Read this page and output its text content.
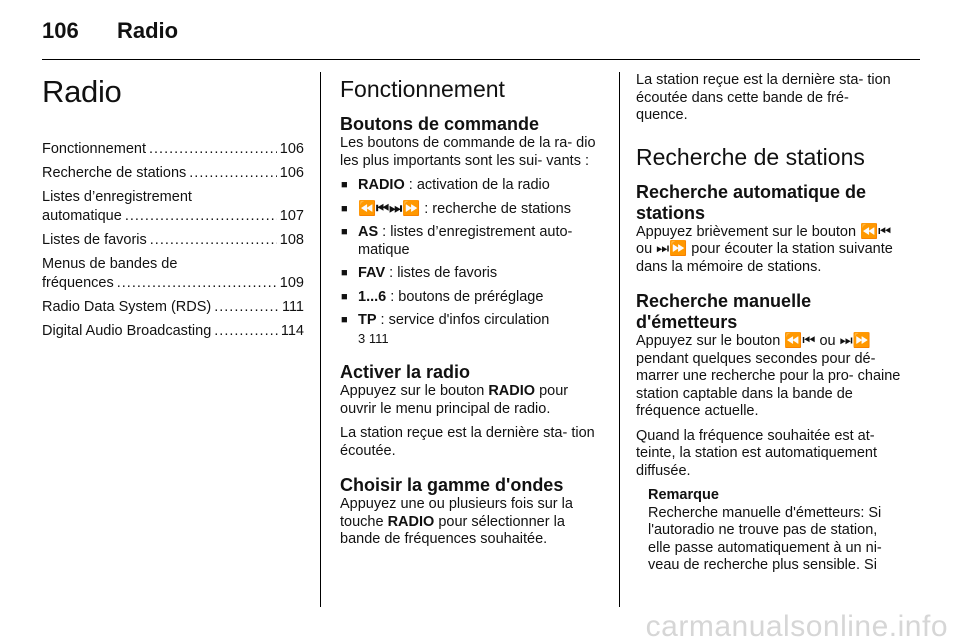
106 Radio
Radio
Fonctionnement .....	106
Recherche de stations .....	106
Listes d’enregistrement
automatique .....	107
Listes de favoris .....	108
Menus de bandes de
fréquences .....	109
Radio Data System (RDS) .....	111
Digital Audio Broadcasting .....	114
Fonctionnement
Boutons de commande

Les boutons de commande de la ra- dio les plus importants sont les sui- vants :

■ RADIO : activation de la radio
■ ⏪⏮⏭⏩ : recherche de stations
■ AS : listes d’enregistrement auto- matique
■ FAV : listes de favoris
■ 1...6 : boutons de préréglage
■ TP : service d'infos circulation
3 111
Activer la radio

Appuyez sur le bouton RADIO pour ouvrir le menu principal de radio.

La station reçue est la dernière sta- tion écoutée.

Choisir la gamme d'ondes

Appuyez une ou plusieurs fois sur la touche RADIO pour sélectionner la bande de fréquences souhaitée.

La station reçue est la dernière sta- tion écoutée dans cette bande de fré- quence.

Recherche de stations
Recherche automatique de stations

Appuyez brièvement sur le bouton ⏪⏮ ou ⏭⏩ pour écouter la station suivante dans la mémoire de stations.

Recherche manuelle d'émetteurs

Appuyez sur le bouton ⏪⏮ ou ⏭⏩ pendant quelques secondes pour dé- marrer une recherche pour la pro- chaine station captable dans la bande de fréquence actuelle.

Quand la fréquence souhaitée est at- teinte, la station est automatiquement diffusée.

Remarque

Recherche manuelle d'émetteurs: Si l'autoradio ne trouve pas de station, elle passe automatiquement à un ni- veau de recherche plus sensible. Si

carmanualsonline.info
